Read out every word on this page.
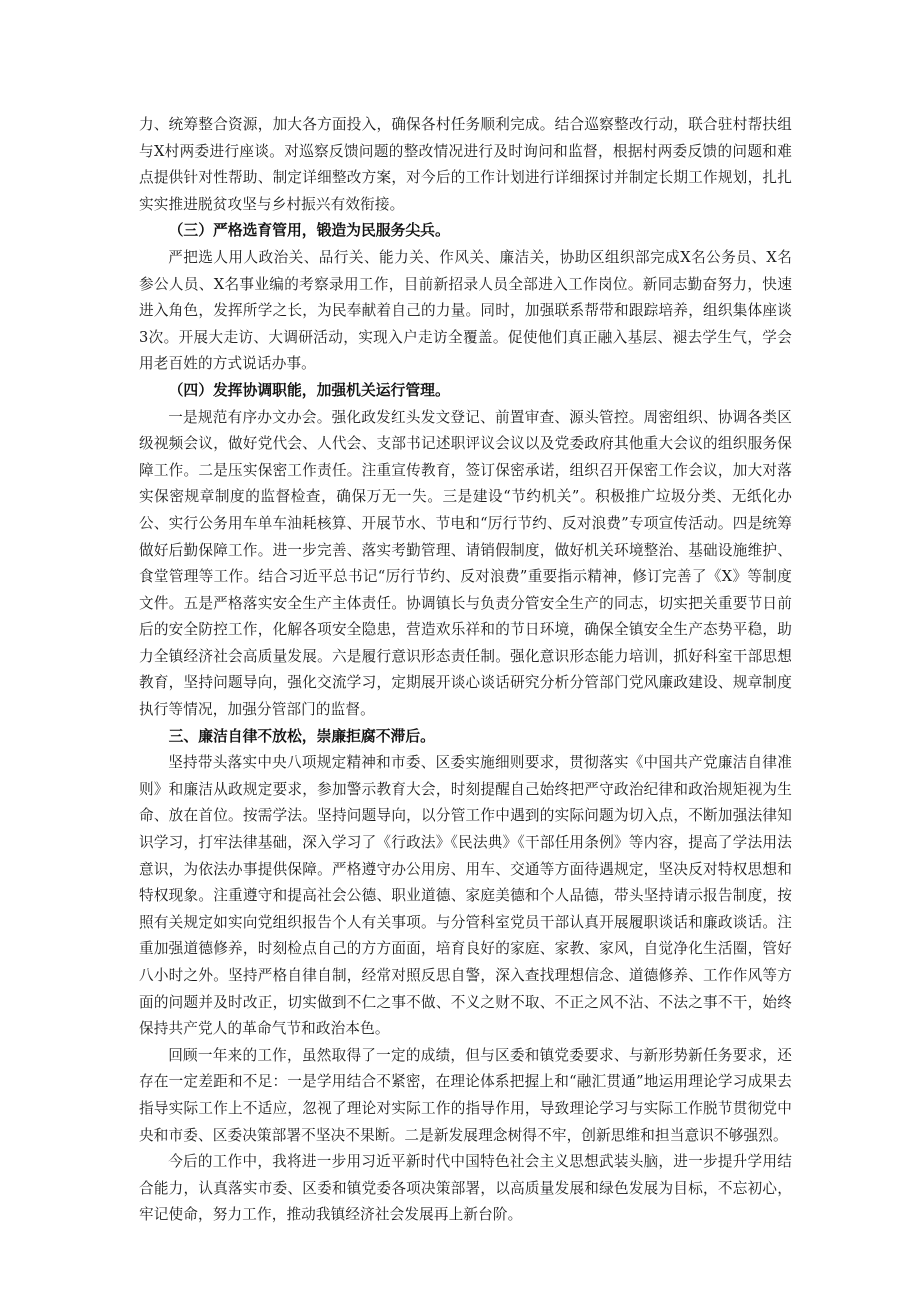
力、统筹整合资源，加大各方面投入，确保各村任务顺利完成。结合巡察整改行动，联合驻村帮扶组与X村两委进行座谈。对巡察反馈问题的整改情况进行及时询问和监督，根据村两委反馈的问题和难点提供针对性帮助、制定详细整改方案，对今后的工作计划进行详细探讨并制定长期工作规划，扎扎实实推进脱贫攻坚与乡村振兴有效衔接。

（三）严格选育管用，锻造为民服务尖兵。

严把选人用人政治关、品行关、能力关、作风关、廉洁关，协助区组织部完成X名公务员、X名参公人员、X名事业编的考察录用工作，目前新招录人员全部进入工作岗位。新同志勤奋努力，快速进入角色，发挥所学之长，为民奉献着自己的力量。同时，加强联系帮带和跟踪培养，组织集体座谈3次。开展大走访、大调研活动，实现入户走访全覆盖。促使他们真正融入基层、褪去学生气，学会用老百姓的方式说话办事。

（四）发挥协调职能，加强机关运行管理。

一是规范有序办文办会。强化政发红头发文登记、前置审查、源头管控。周密组织、协调各类区级视频会议，做好党代会、人代会、支部书记述职评议会议以及党委政府其他重大会议的组织服务保障工作。二是压实保密工作责任。注重宣传教育，签订保密承诺，组织召开保密工作会议，加大对落实保密规章制度的监督检查，确保万无一失。三是建设“节约机关”。积极推广垃圾分类、无纸化办公、实行公务用车单车油耗核算、开展节水、节电和“厉行节约、反对浪费”专项宣传活动。四是统筹做好后勤保障工作。进一步完善、落实考勤管理、请销假制度，做好机关环境整治、基础设施维护、食堂管理等工作。结合习近平总书记“厉行节约、反对浪费”重要指示精神，修订完善了《X》等制度文件。五是严格落实安全生产主体责任。协调镇长与负责分管安全生产的同志，切实把关重要节日前后的安全防控工作，化解各项安全隐患，营造欢乐祥和的节日环境，确保全镇安全生产态势平稳，助力全镇经济社会高质量发展。六是履行意识形态责任制。强化意识形态能力培训，抓好科室干部思想教育，坚持问题导向，强化交流学习，定期展开谈心谈话研究分析分管部门党风廉政建设、规章制度执行等情况，加强分管部门的监督。

三、廉洁自律不放松，崇廉拒腐不滞后。

坚持带头落实中央八项规定精神和市委、区委实施细则要求，贯彻落实《中国共产党廉洁自律准则》和廉洁从政规定要求，参加警示教育大会，时刻提醒自己始终把严守政治纪律和政治规矩视为生命、放在首位。按需学法。坚持问题导向，以分管工作中遇到的实际问题为切入点，不断加强法律知识学习，打牢法律基础，深入学习了《行政法》《民法典》《干部任用条例》等内容，提高了学法用法意识，为依法办事提供保障。严格遵守办公用房、用车、交通等方面待遇规定，坚决反对特权思想和特权现象。注重遵守和提高社会公德、职业道德、家庭美德和个人品德，带头坚持请示报告制度，按照有关规定如实向党组织报告个人有关事项。与分管科室党员干部认真开展履职谈话和廉政谈话。注重加强道德修养，时刻检点自己的方方面面，培育良好的家庭、家教、家风，自觉净化生活圈，管好八小时之外。坚持严格自律自制，经常对照反思自警，深入查找理想信念、道德修养、工作作风等方面的问题并及时改正，切实做到不仁之事不做、不义之财不取、不正之风不沾、不法之事不干，始终保持共产党人的革命气节和政治本色。

回顾一年来的工作，虽然取得了一定的成绩，但与区委和镇党委要求、与新形势新任务要求，还存在一定差距和不足：一是学用结合不紧密，在理论体系把握上和“融汇贯通”地运用理论学习成果去指导实际工作上不适应，忽视了理论对实际工作的指导作用，导致理论学习与实际工作脱节贯彻党中央和市委、区委决策部署不坚决不果断。二是新发展理念树得不牢，创新思维和担当意识不够强烈。

今后的工作中，我将进一步用习近平新时代中国特色社会主义思想武装头脑，进一步提升学用结合能力，认真落实市委、区委和镇党委各项决策部署，以高质量发展和绿色发展为目标，不忘初心，牢记使命，努力工作，推动我镇经济社会发展再上新台阶。
